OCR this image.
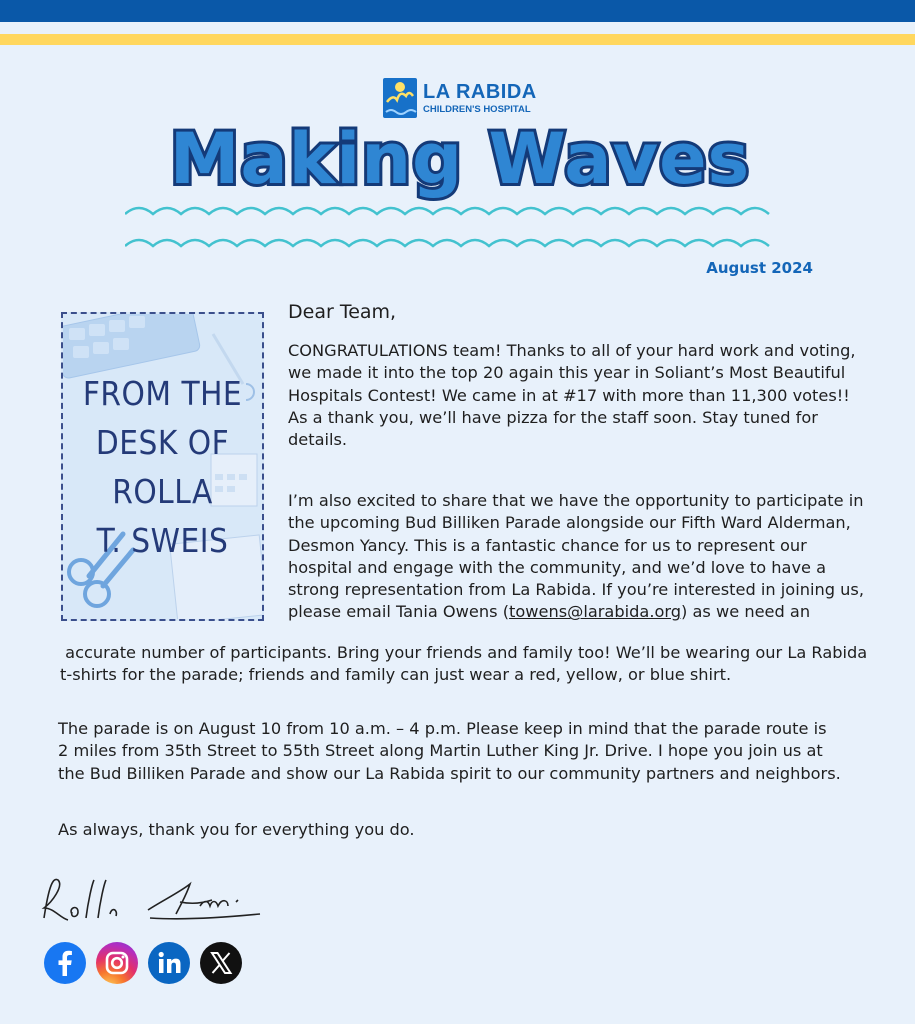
LA RABIDA
CHILDREN'S HOSPITAL
Making Waves
August 2024
FROM THE
DESK OF
ROLLA
T. SWEIS
Dear Team,
CONGRATULATIONS team! Thanks to all of your hard work and voting, we made it into the top 20 again this year in Soliant’s Most Beautiful Hospitals Contest! We came in at #17 with more than 11,300 votes!! As a thank you, we’ll have pizza for the staff soon. Stay tuned for details.
I’m also excited to share that we have the opportunity to participate in
the upcoming Bud Billiken Parade alongside our Fifth Ward Alderman,
Desmon Yancy. This is a fantastic chance for us to represent our
hospital and engage with the community, and we’d love to have a
strong representation from La Rabida. If you’re interested in joining us,
please email Tania Owens (towens@larabida.org) as we need an
accurate number of participants. Bring your friends and family too! We’ll be wearing our La Rabida
t-shirts for the parade; friends and family can just wear a red, yellow, or blue shirt.
The parade is on August 10 from 10 a.m. – 4 p.m. Please keep in mind that the parade route is
2 miles from 35th Street to 55th Street along Martin Luther King Jr. Drive. I hope you join us at
the Bud Billiken Parade and show our La Rabida spirit to our community partners and neighbors.
As always, thank you for everything you do.
